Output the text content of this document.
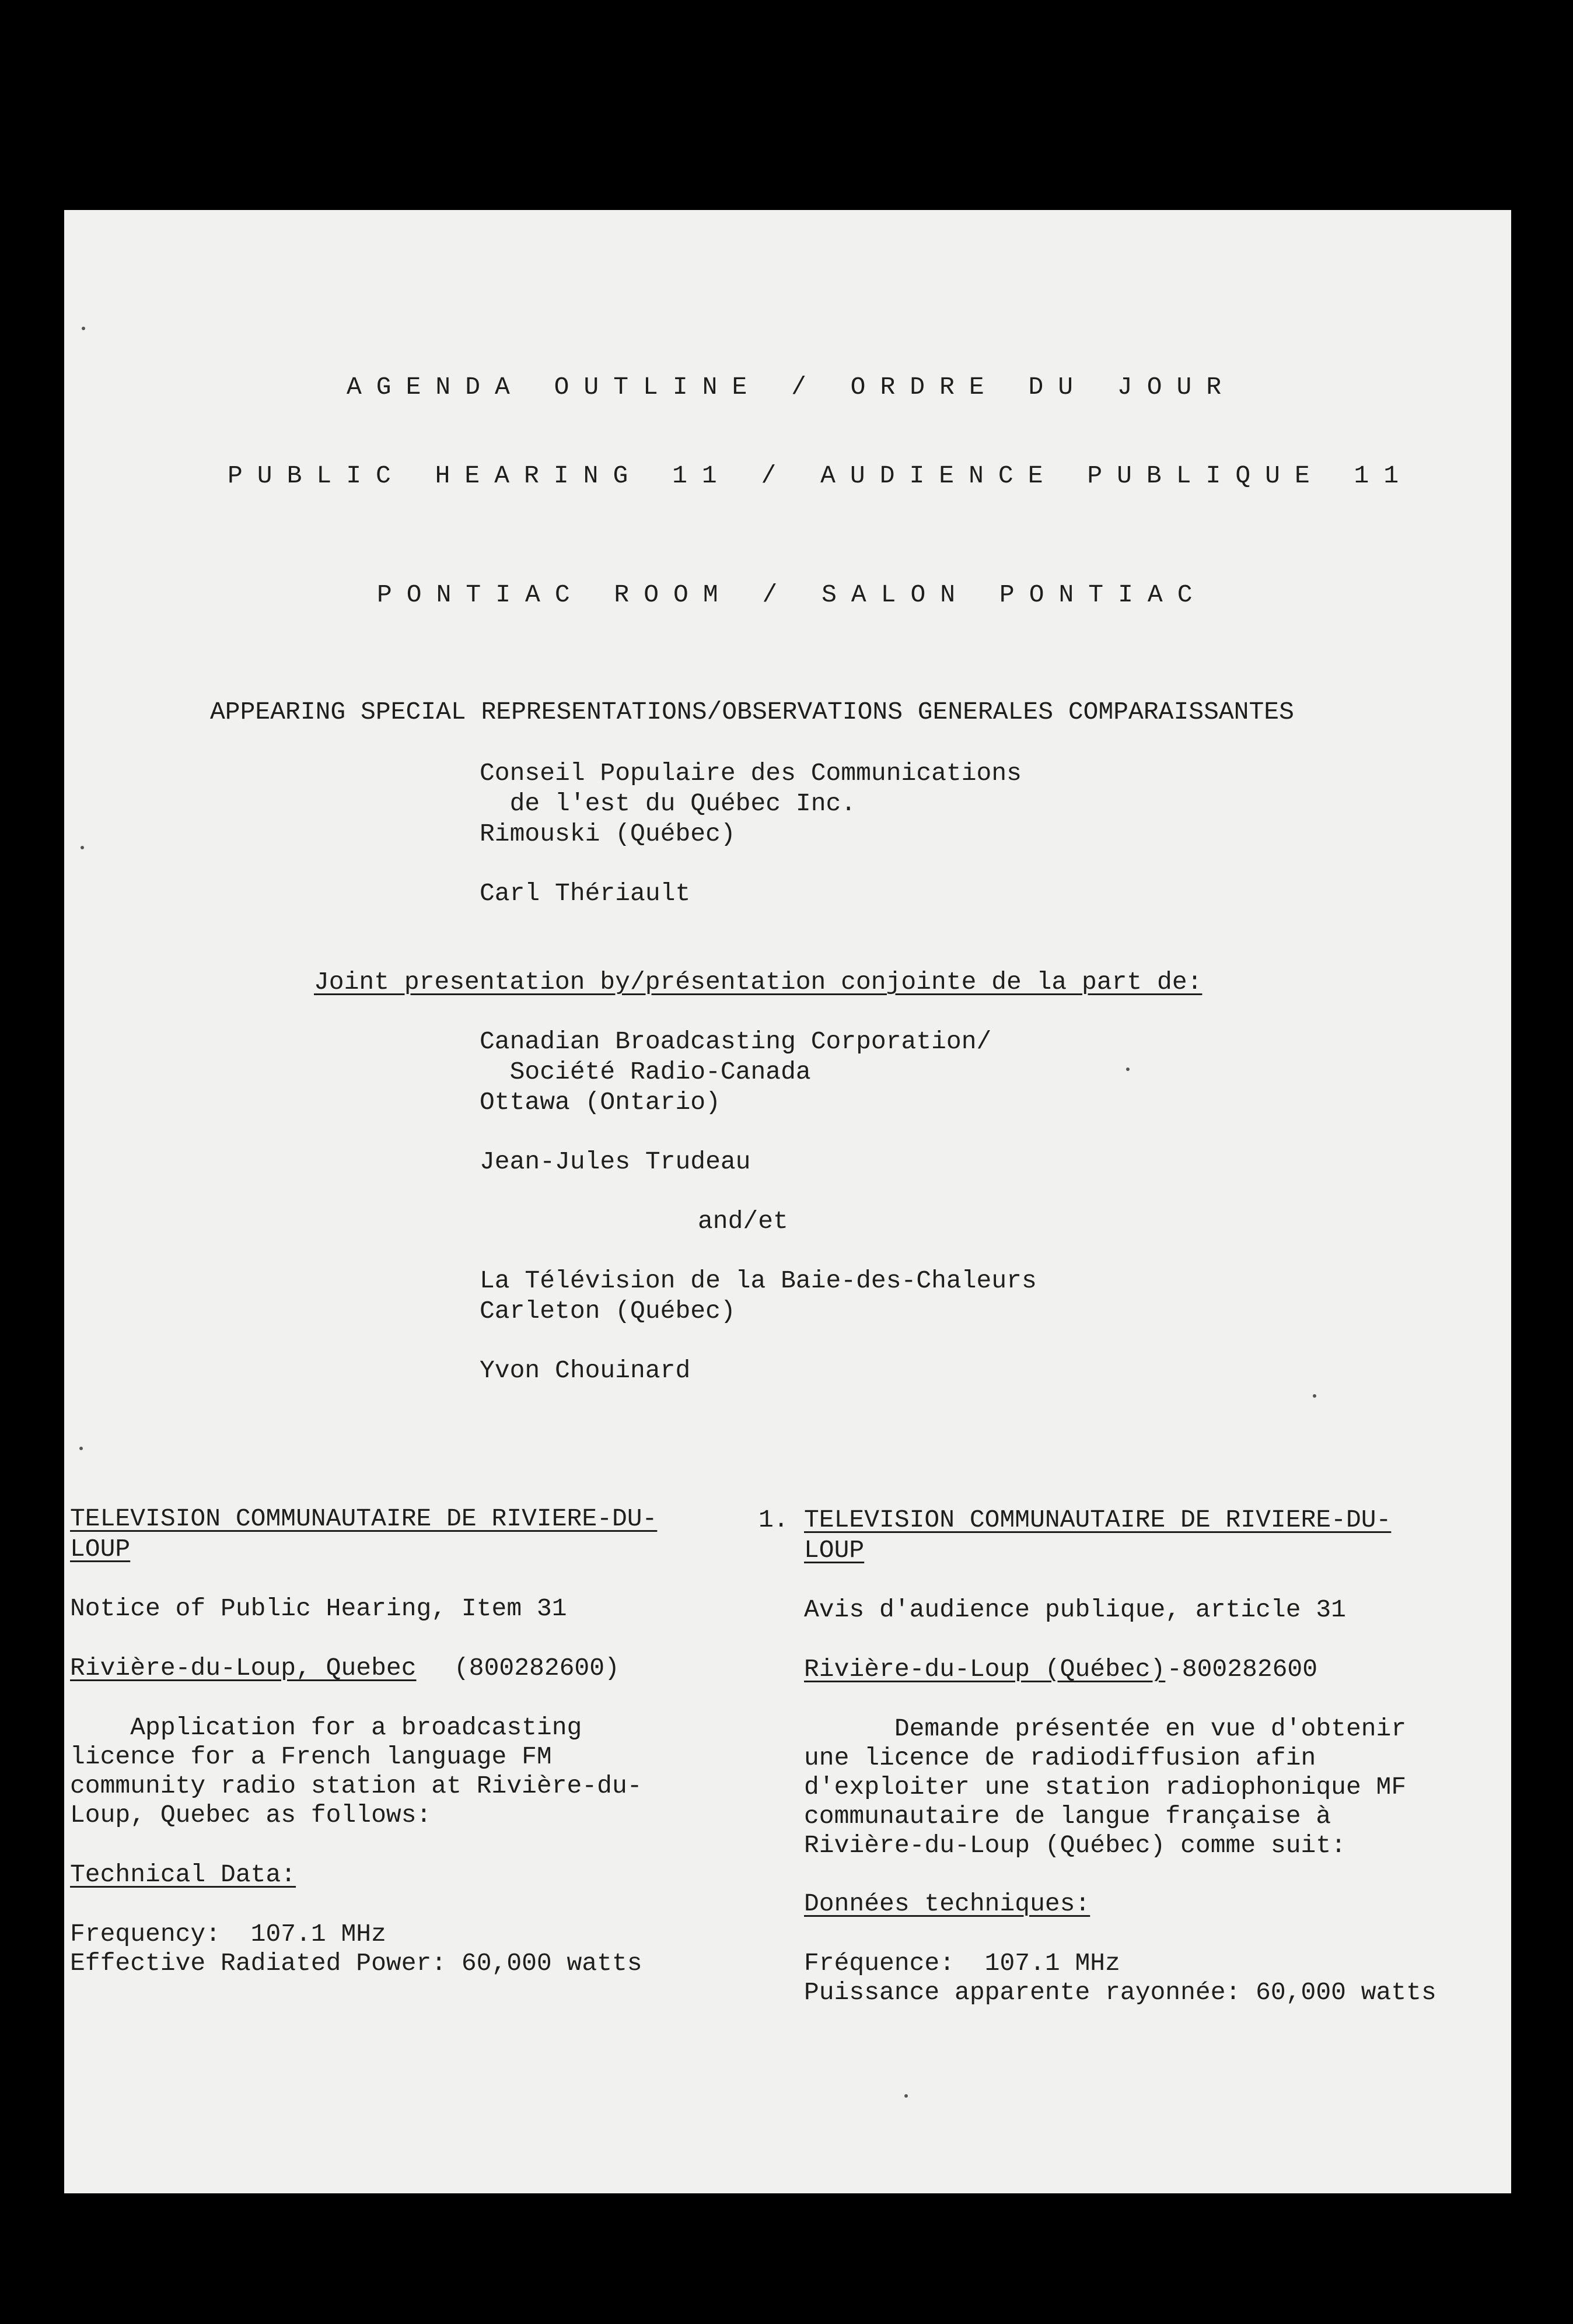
AGENDA OUTLINE / ORDRE DU JOUR
PUBLIC HEARING 11 / AUDIENCE PUBLIQUE 11
PONTIAC ROOM / SALON PONTIAC
APPEARING SPECIAL REPRESENTATIONS/OBSERVATIONS GENERALES COMPARAISSANTES
Conseil Populaire des Communications
de l'est du Québec Inc.
Rimouski (Québec)
Carl Thériault
Joint presentation by/présentation conjointe de la part de:
Canadian Broadcasting Corporation/
Société Radio-Canada
Ottawa (Ontario)
Jean-Jules Trudeau
and/et
La Télévision de la Baie-des-Chaleurs
Carleton (Québec)
Yvon Chouinard
TELEVISION COMMUNAUTAIRE DE RIVIERE-DU-
LOUP
Notice of Public Hearing, Item 31
Rivière-du-Loup, Quebec (800282600)
Application for a broadcasting
licence for a French language FM
community radio station at Rivière-du-
Loup, Quebec as follows:
Technical Data:
Frequency:  107.1 MHz
Effective Radiated Power: 60,000 watts
1. TELEVISION COMMUNAUTAIRE DE RIVIERE-DU-
LOUP
Avis d'audience publique, article 31
Rivière-du-Loup (Québec) -800282600
Demande présentée en vue d'obtenir
une licence de radiodiffusion afin
d'exploiter une station radiophonique MF
communautaire de langue française à
Rivière-du-Loup (Québec) comme suit:
Données techniques:
Fréquence:  107.1 MHz
Puissance apparente rayonnée: 60,000 watts
